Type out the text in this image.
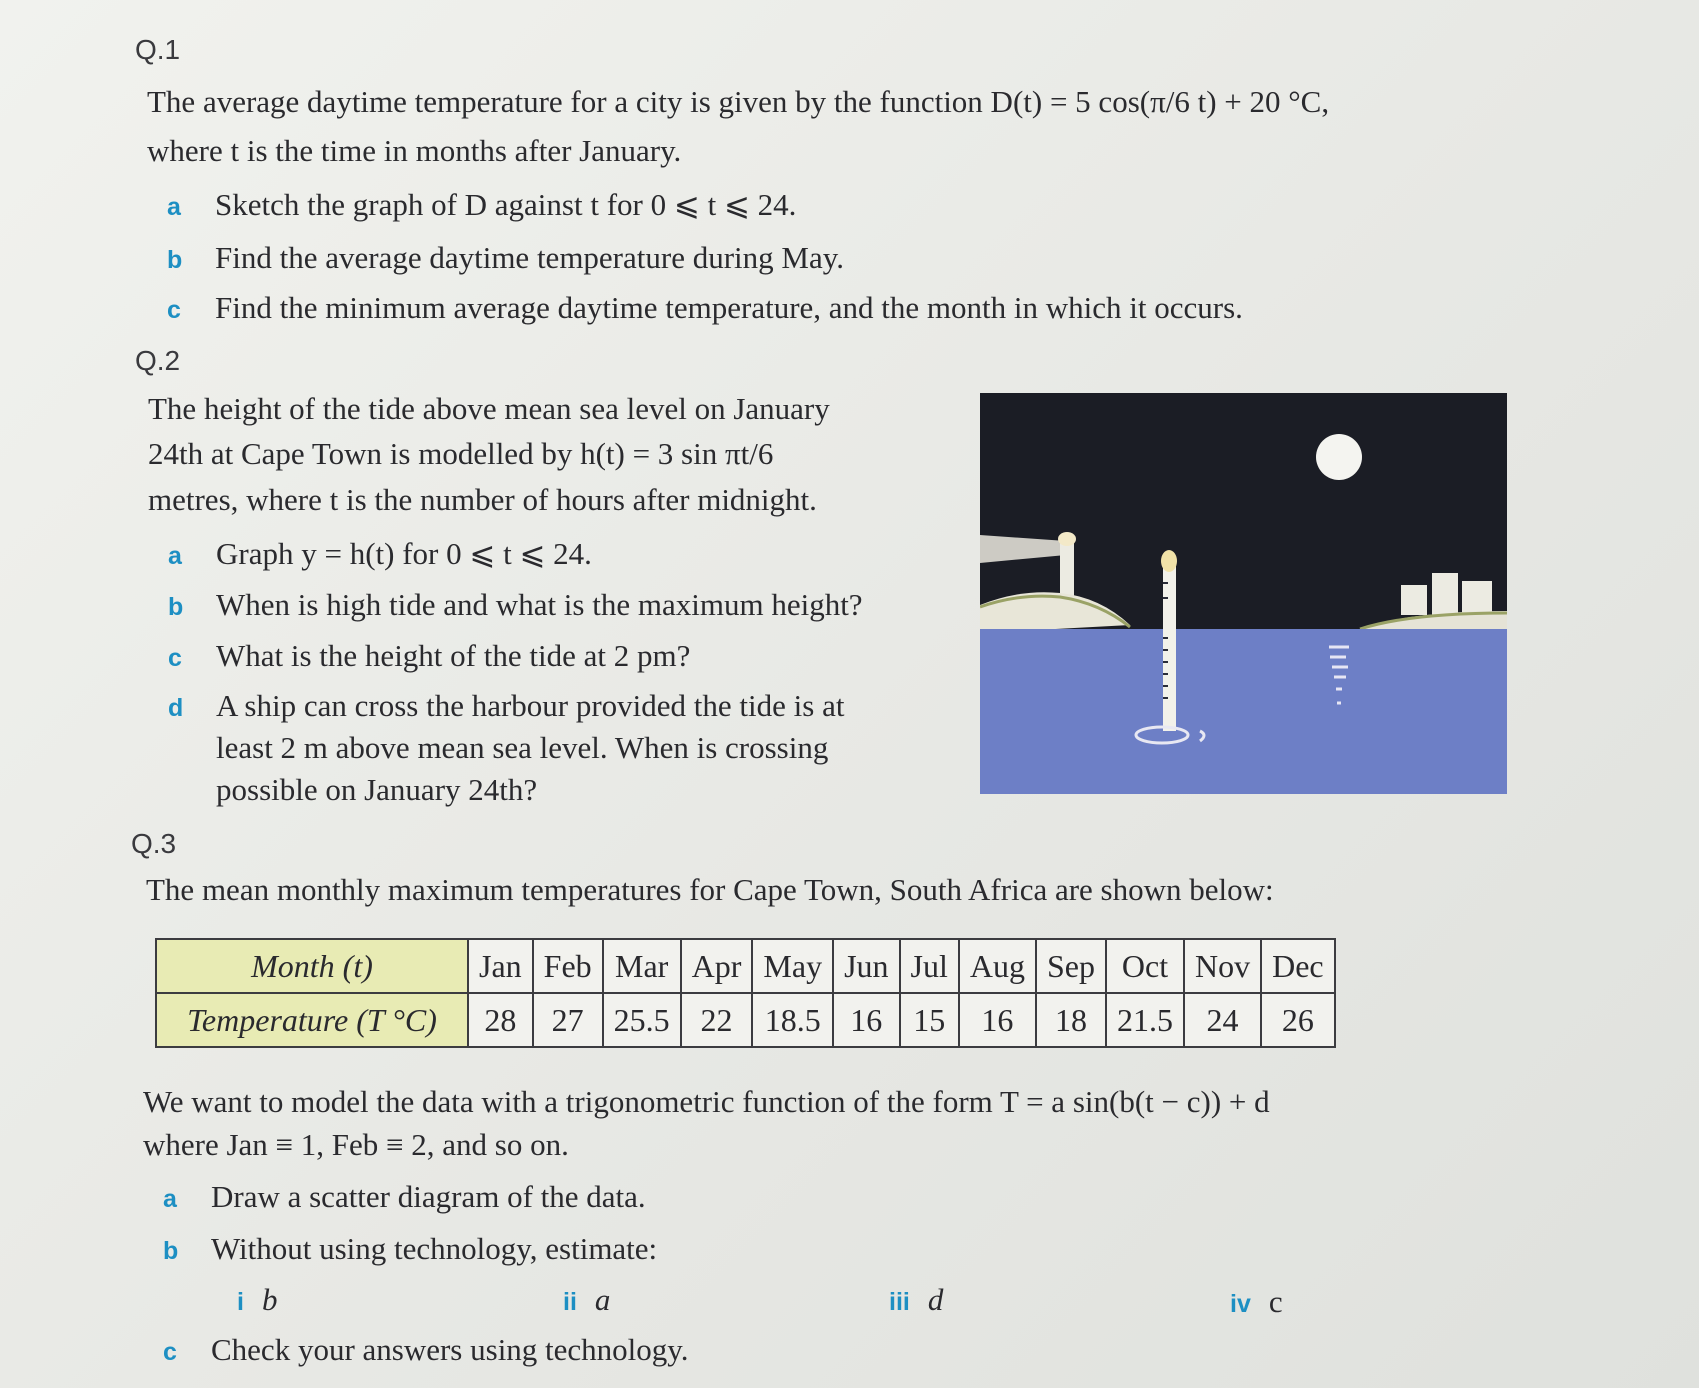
Q.1
The average daytime temperature for a city is given by the function D(t) = 5 cos(π/6 t) + 20 °C,
where t is the time in months after January.
a Sketch the graph of D against t for 0 ⩽ t ⩽ 24.
b Find the average daytime temperature during May.
c Find the minimum average daytime temperature, and the month in which it occurs.
Q.2
The height of the tide above mean sea level on January
24th at Cape Town is modelled by h(t) = 3 sin πt/6
metres, where t is the number of hours after midnight.
a Graph y = h(t) for 0 ⩽ t ⩽ 24.
b When is high tide and what is the maximum height?
c What is the height of the tide at 2 pm?
d A ship can cross the harbour provided the tide is at
least 2 m above mean sea level. When is crossing
possible on January 24th?
Q.3
The mean monthly maximum temperatures for Cape Town, South Africa are shown below:
Month (t)	Jan	Feb	Mar	Apr	May	Jun	Jul	Aug	Sep	Oct	Nov	Dec
Temperature (T °C)	28	27	25.5	22	18.5	16	15	16	18	21.5	24	26
We want to model the data with a trigonometric function of the form T = a sin(b(t − c)) + d
where Jan ≡ 1, Feb ≡ 2, and so on.
a Draw a scatter diagram of the data.
b Without using technology, estimate:
i b	ii a	iii d	iv c
c Check your answers using technology.
